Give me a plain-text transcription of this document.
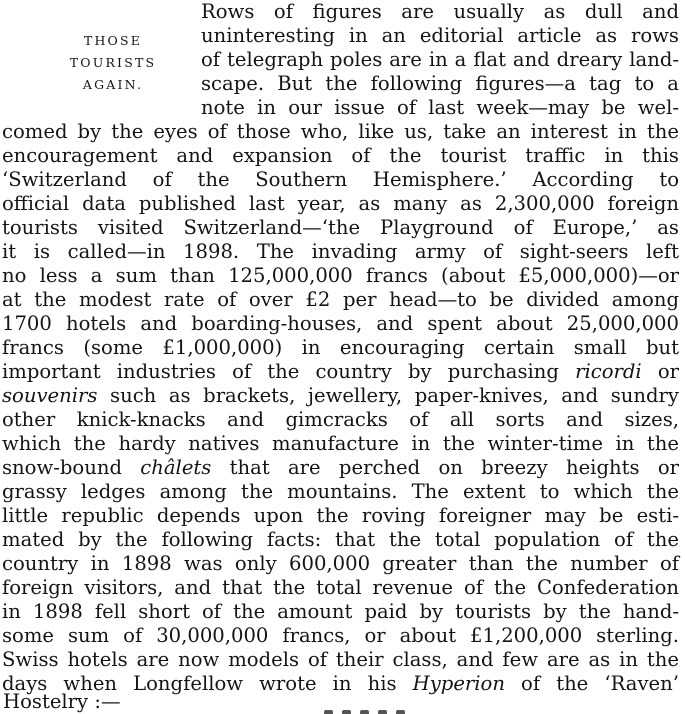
THOSE
TOURISTS
AGAIN.
Rows of figures are usually as dull and
uninteresting in an editorial article as rows
of telegraph poles are in a flat and dreary land-
scape. But the following figures—a tag to a
note in our issue of last week—may be wel-
comed by the eyes of those who, like us, take an interest in the
encouragement and expansion of the tourist traffic in this
‘Switzerland of the Southern Hemisphere.’ According to
official data published last year, as many as 2,300,000 foreign
tourists visited Switzerland—‘the Playground of Europe,’ as
it is called—in 1898. The invading army of sight-seers left
no less a sum than 125,000,000 francs (about £5,000,000)—or
at the modest rate of over £2 per head—to be divided among
1700 hotels and boarding-houses, and spent about 25,000,000
francs (some £1,000,000) in encouraging certain small but
important industries of the country by purchasing ricordi or
souvenirs such as brackets, jewellery, paper-knives, and sundry
other knick-knacks and gimcracks of all sorts and sizes,
which the hardy natives manufacture in the winter-time in the
snow-bound châlets that are perched on breezy heights or
grassy ledges among the mountains. The extent to which the
little republic depends upon the roving foreigner may be esti-
mated by the following facts: that the total population of the
country in 1898 was only 600,000 greater than the number of
foreign visitors, and that the total revenue of the Confederation
in 1898 fell short of the amount paid by tourists by the hand-
some sum of 30,000,000 francs, or about £1,200,000 sterling.
Swiss hotels are now models of their class, and few are as in the
days when Longfellow wrote in his Hyperion of the ‘Raven’
Hostelry :—
